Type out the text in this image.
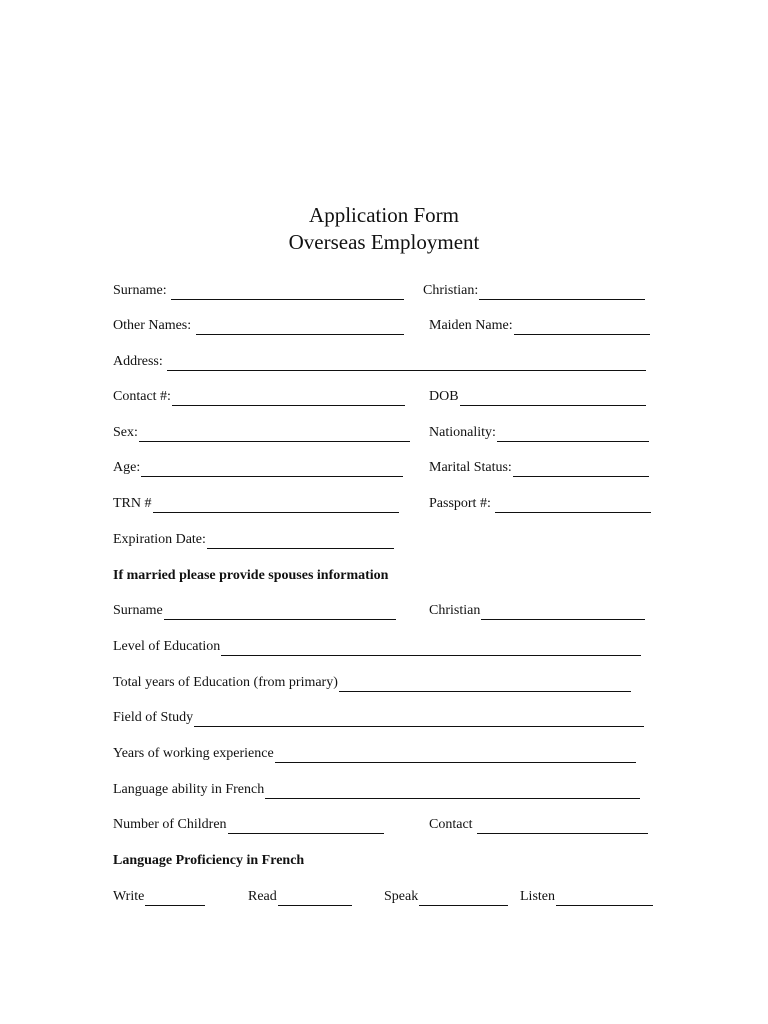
Application Form
Overseas Employment
Surname:	Christian:
Other Names:	Maiden Name:
Address:
Contact #:	DOB
Sex:	Nationality:
Age:	Marital Status:
TRN #	Passport #:
Expiration Date:
If married please provide spouses information
Surname	Christian
Level of Education
Total years of Education (from primary)
Field of Study
Years of working experience
Language ability in French
Number of Children	Contact
Language Proficiency in French
Write	Read	Speak	Listen
